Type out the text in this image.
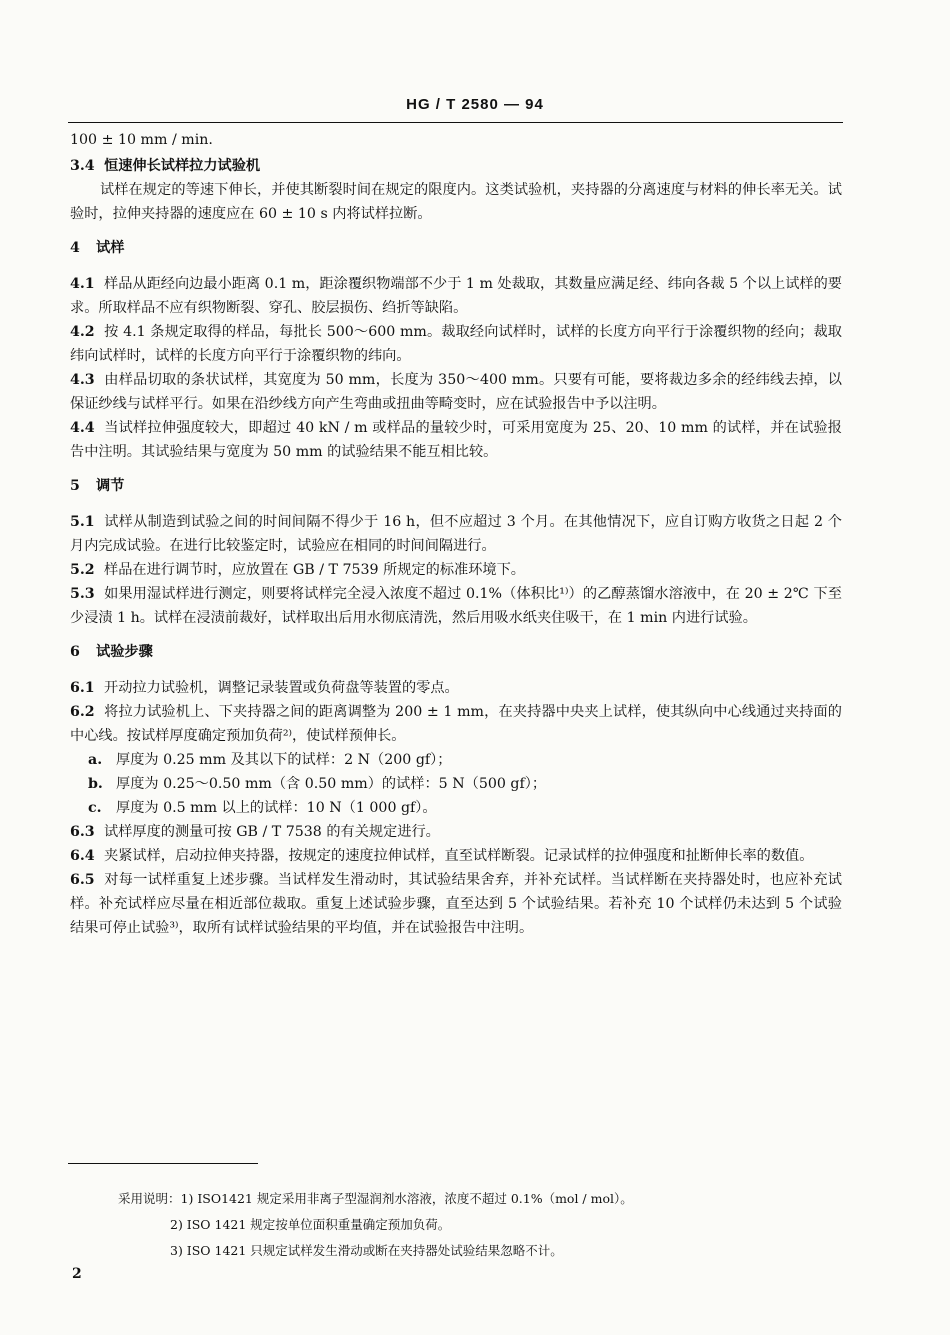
HG / T 2580 — 94
100 ± 10 mm / min.
3.4 恒速伸长试样拉力试验机

试样在规定的等速下伸长，并使其断裂时间在规定的限度内。这类试验机，夹持器的分离速度与材料的伸长率无关。试验时，拉伸夹持器的速度应在 60 ± 10 s 内将试样拉断。

4 试样

4.1 样品从距经向边最小距离 0.1 m，距涂覆织物端部不少于 1 m 处裁取，其数量应满足经、纬向各裁 5 个以上试样的要求。所取样品不应有织物断裂、穿孔、胶层损伤、绉折等缺陷。

4.2 按 4.1 条规定取得的样品，每批长 500～600 mm。裁取经向试样时，试样的长度方向平行于涂覆织物的经向；裁取纬向试样时，试样的长度方向平行于涂覆织物的纬向。

4.3 由样品切取的条状试样，其宽度为 50 mm，长度为 350～400 mm。只要有可能，要将裁边多余的经纬线去掉，以保证纱线与试样平行。如果在沿纱线方向产生弯曲或扭曲等畸变时，应在试验报告中予以注明。

4.4 当试样拉伸强度较大，即超过 40 kN / m 或样品的量较少时，可采用宽度为 25、20、10 mm 的试样，并在试验报告中注明。其试验结果与宽度为 50 mm 的试验结果不能互相比较。

5 调节

5.1 试样从制造到试验之间的时间间隔不得少于 16 h，但不应超过 3 个月。在其他情况下，应自订购方收货之日起 2 个月内完成试验。在进行比较鉴定时，试验应在相同的时间间隔进行。

5.2 样品在进行调节时，应放置在 GB / T 7539 所规定的标准环境下。

5.3 如果用湿试样进行测定，则要将试样完全浸入浓度不超过 0.1%（体积比¹⁾）的乙醇蒸馏水溶液中，在 20 ± 2℃ 下至少浸渍 1 h。试样在浸渍前裁好，试样取出后用水彻底清洗，然后用吸水纸夹住吸干，在 1 min 内进行试验。

6 试验步骤

6.1 开动拉力试验机，调整记录装置或负荷盘等装置的零点。

6.2 将拉力试验机上、下夹持器之间的距离调整为 200 ± 1 mm，在夹持器中央夹上试样，使其纵向中心线通过夹持面的中心线。按试样厚度确定预加负荷²⁾，使试样预伸长。

a. 厚度为 0.25 mm 及其以下的试样：2 N（200 gf）；
b. 厚度为 0.25～0.50 mm（含 0.50 mm）的试样：5 N（500 gf）；
c. 厚度为 0.5 mm 以上的试样：10 N（1 000 gf）。

6.3 试样厚度的测量可按 GB / T 7538 的有关规定进行。

6.4 夹紧试样，启动拉伸夹持器，按规定的速度拉伸试样，直至试样断裂。记录试样的拉伸强度和扯断伸长率的数值。

6.5 对每一试样重复上述步骤。当试样发生滑动时，其试验结果舍弃，并补充试样。当试样断在夹持器处时，也应补充试样。补充试样应尽量在相近部位裁取。重复上述试验步骤，直至达到 5 个试验结果。若补充 10 个试样仍未达到 5 个试验结果可停止试验³⁾，取所有试样试验结果的平均值，并在试验报告中注明。

采用说明：1) ISO1421 规定采用非离子型湿润剂水溶液，浓度不超过 0.1%（mol / mol）。
2) ISO 1421 规定按单位面积重量确定预加负荷。
3) ISO 1421 只规定试样发生滑动或断在夹持器处试验结果忽略不计。
2
